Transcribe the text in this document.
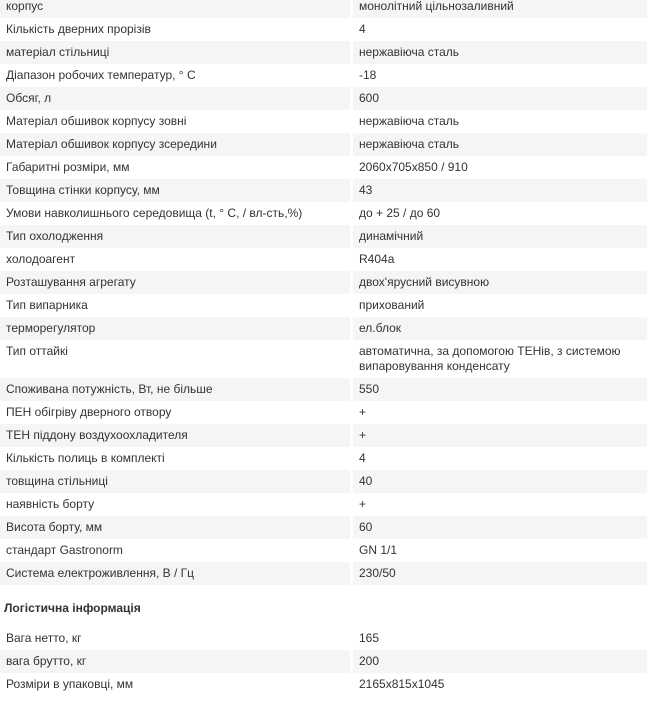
корпус	монолітний цільнозаливний
Кількість дверних прорізів	4
матеріал стільниці	нержавіюча сталь
Діапазон робочих температур, ° С	-18
Обсяг, л	600
Матеріал обшивок корпусу зовні	нержавіюча сталь
Матеріал обшивок корпусу зсередини	нержавіюча сталь
Габаритні розміри, мм	2060х705х850 / 910
Товщина стінки корпусу, мм	43
Умови навколишнього середовища (t, ° С, / вл-сть,%)	до + 25 / до 60
Тип охолодження	динамічний
холодоагент	R404a
Розташування агрегату	двох'ярусний висувною
Тип випарника	прихований
терморегулятор	ел.блок
Тип оттайкі	автоматична, за допомогою ТЕНів, з системою випаровування конденсату
Споживана потужність, Вт, не більше	550
ПЕН обігріву дверного отвору	+
ТЕН піддону воздухоохладителя	+
Кількість полиць в комплекті	4
товщина стільниці	40
наявність борту	+
Висота борту, мм	60
стандарт Gastronorm	GN 1/1
Система електроживлення, В / Гц	230/50
Логістична інформація
Вага нетто, кг	165
вага брутто, кг	200
Розміри в упаковці, мм	2165х815х1045
